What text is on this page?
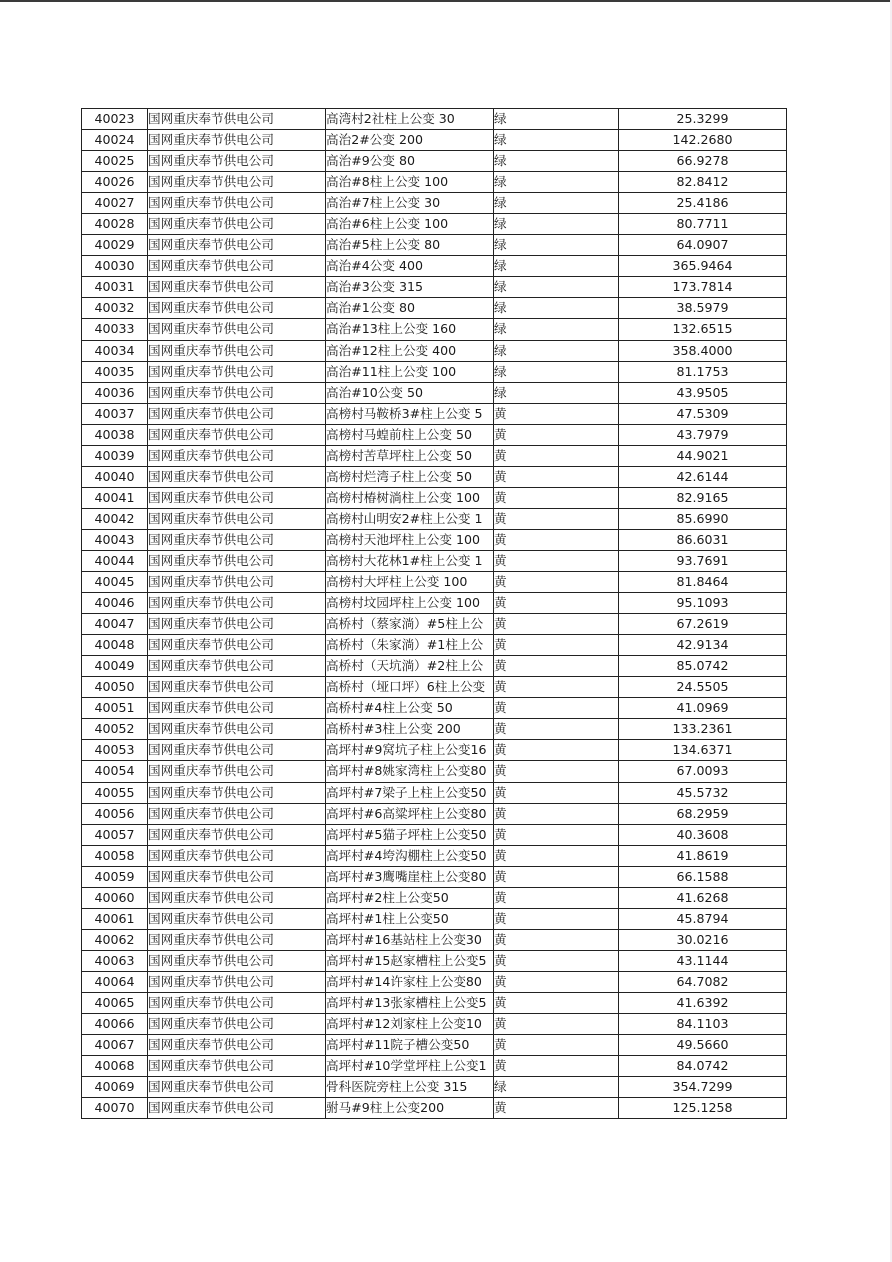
40023	国网重庆奉节供电公司	高湾村2社柱上公变 30	绿	25.3299
40024	国网重庆奉节供电公司	高治2#公变 200	绿	142.2680
40025	国网重庆奉节供电公司	高治#9公变 80	绿	66.9278
40026	国网重庆奉节供电公司	高治#8柱上公变 100	绿	82.8412
40027	国网重庆奉节供电公司	高治#7柱上公变 30	绿	25.4186
40028	国网重庆奉节供电公司	高治#6柱上公变 100	绿	80.7711
40029	国网重庆奉节供电公司	高治#5柱上公变 80	绿	64.0907
40030	国网重庆奉节供电公司	高治#4公变 400	绿	365.9464
40031	国网重庆奉节供电公司	高治#3公变 315	绿	173.7814
40032	国网重庆奉节供电公司	高治#1公变 80	绿	38.5979
40033	国网重庆奉节供电公司	高治#13柱上公变 160	绿	132.6515
40034	国网重庆奉节供电公司	高治#12柱上公变 400	绿	358.4000
40035	国网重庆奉节供电公司	高治#11柱上公变 100	绿	81.1753
40036	国网重庆奉节供电公司	高治#10公变 50	绿	43.9505
40037	国网重庆奉节供电公司	高榜村马鞍桥3#柱上公变 5	黄	47.5309
40038	国网重庆奉节供电公司	高榜村马蝗前柱上公变 50	黄	43.7979
40039	国网重庆奉节供电公司	高榜村苦草坪柱上公变 50	黄	44.9021
40040	国网重庆奉节供电公司	高榜村烂湾子柱上公变 50	黄	42.6144
40041	国网重庆奉节供电公司	高榜村椿树淌柱上公变 100	黄	82.9165
40042	国网重庆奉节供电公司	高榜村山明安2#柱上公变 1	黄	85.6990
40043	国网重庆奉节供电公司	高榜村天池坪柱上公变 100	黄	86.6031
40044	国网重庆奉节供电公司	高榜村大花林1#柱上公变 1	黄	93.7691
40045	国网重庆奉节供电公司	高榜村大坪柱上公变 100	黄	81.8464
40046	国网重庆奉节供电公司	高榜村坟园坪柱上公变 100	黄	95.1093
40047	国网重庆奉节供电公司	高桥村（蔡家淌）#5柱上公	黄	67.2619
40048	国网重庆奉节供电公司	高桥村（朱家淌）#1柱上公	黄	42.9134
40049	国网重庆奉节供电公司	高桥村（天坑淌）#2柱上公	黄	85.0742
40050	国网重庆奉节供电公司	高桥村（垭口坪）6柱上公变	黄	24.5505
40051	国网重庆奉节供电公司	高桥村#4柱上公变 50	黄	41.0969
40052	国网重庆奉节供电公司	高桥村#3柱上公变 200	黄	133.2361
40053	国网重庆奉节供电公司	高坪村#9窝坑子柱上公变16	黄	134.6371
40054	国网重庆奉节供电公司	高坪村#8姚家湾柱上公变80	黄	67.0093
40055	国网重庆奉节供电公司	高坪村#7梁子上柱上公变50	黄	45.5732
40056	国网重庆奉节供电公司	高坪村#6高粱坪柱上公变80	黄	68.2959
40057	国网重庆奉节供电公司	高坪村#5猫子坪柱上公变50	黄	40.3608
40058	国网重庆奉节供电公司	高坪村#4垮沟棚柱上公变50	黄	41.8619
40059	国网重庆奉节供电公司	高坪村#3鹰嘴崖柱上公变80	黄	66.1588
40060	国网重庆奉节供电公司	高坪村#2柱上公变50	黄	41.6268
40061	国网重庆奉节供电公司	高坪村#1柱上公变50	黄	45.8794
40062	国网重庆奉节供电公司	高坪村#16基站柱上公变30	黄	30.0216
40063	国网重庆奉节供电公司	高坪村#15赵家槽柱上公变5	黄	43.1144
40064	国网重庆奉节供电公司	高坪村#14许家柱上公变80	黄	64.7082
40065	国网重庆奉节供电公司	高坪村#13张家槽柱上公变5	黄	41.6392
40066	国网重庆奉节供电公司	高坪村#12刘家柱上公变10	黄	84.1103
40067	国网重庆奉节供电公司	高坪村#11院子槽公变50	黄	49.5660
40068	国网重庆奉节供电公司	高坪村#10学堂坪柱上公变1	黄	84.0742
40069	国网重庆奉节供电公司	骨科医院旁柱上公变 315	绿	354.7299
40070	国网重庆奉节供电公司	驸马#9柱上公变200	黄	125.1258
